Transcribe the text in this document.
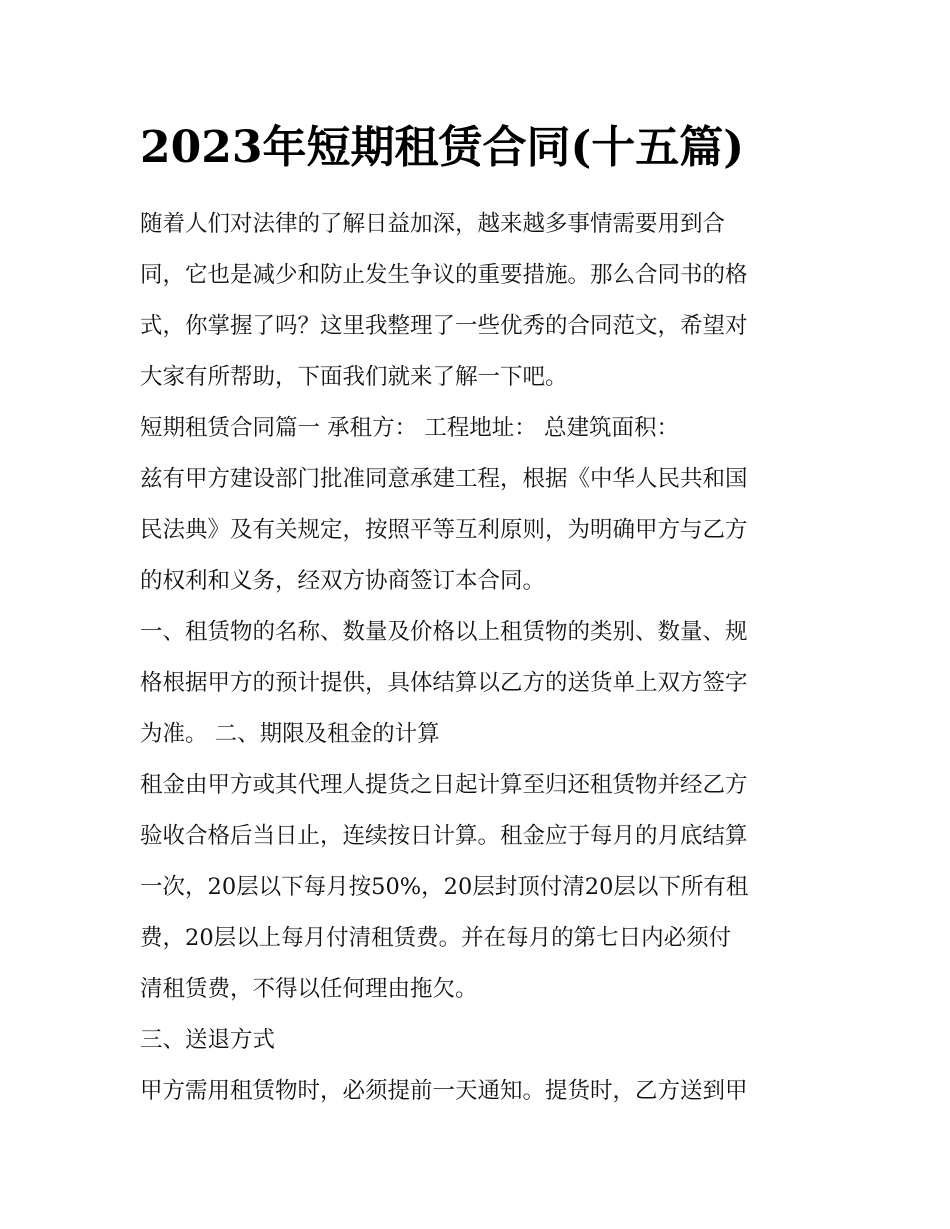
2023年短期租赁合同(十五篇)

随着人们对法律的了解日益加深，越来越多事情需要用到合

同，它也是减少和防止发生争议的重要措施。那么合同书的格

式，你掌握了吗？这里我整理了一些优秀的合同范文，希望对

大家有所帮助，下面我们就来了解一下吧。

短期租赁合同篇一 承租方： 工程地址： 总建筑面积：

兹有甲方建设部门批准同意承建工程，根据《中华人民共和国

民法典》及有关规定，按照平等互利原则，为明确甲方与乙方

的权利和义务，经双方协商签订本合同。

一、租赁物的名称、数量及价格以上租赁物的类别、数量、规

格根据甲方的预计提供，具体结算以乙方的送货单上双方签字

为准。 二、期限及租金的计算

租金由甲方或其代理人提货之日起计算至归还租赁物并经乙方

验收合格后当日止，连续按日计算。租金应于每月的月底结算

一次，20层以下每月按50%，20层封顶付清20层以下所有租

费，20层以上每月付清租赁费。并在每月的第七日内必须付

清租赁费，不得以任何理由拖欠。

三、送退方式

甲方需用租赁物时，必须提前一天通知。提货时，乙方送到甲
